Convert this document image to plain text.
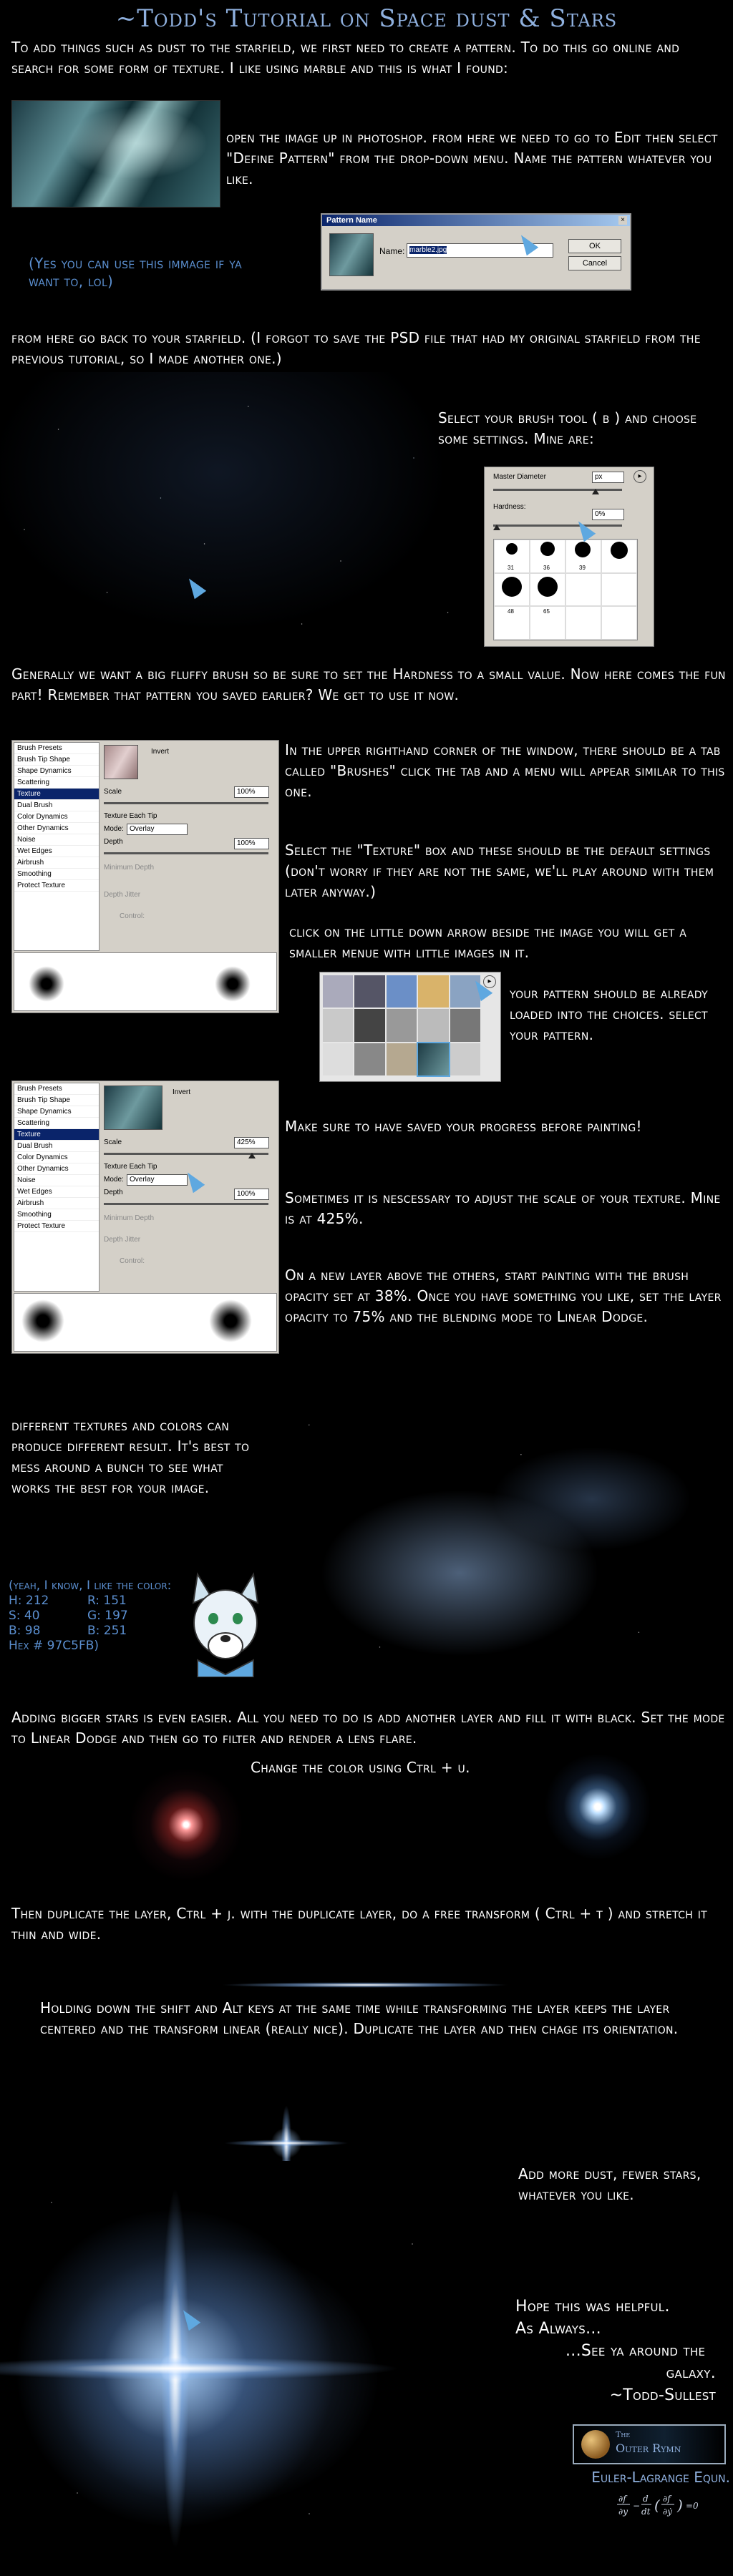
~Todd's Tutorial on Space dust & Stars

To add things such as dust to the starfield, we first need to create a pattern. To do this go online and search for some form of texture. I like using marble and this is what I found:

open the image up in photoshop. from here we need to go to Edit then select "Define Pattern" from the drop-down menu. Name the pattern whatever you like.

(Yes you can use this immage if ya want to, lol)

Pattern Name
Name: marble2.jpg	OK
Cancel
×

from here go back to your starfield. (I forgot to save the PSD file that had my original starfield from the previous tutorial, so I made another one.)

Select your brush tool ( b ) and choose some settings. Mine are:

Master Diameter	px	▸
Hardness:
0%
31	36	39
48	65

Generally we want a big fluffy brush so be sure to set the Hardness to a small value. Now here comes the fun part! Remember that pattern you saved earlier? We get to use it now.

Brush Presets
Brush Tip Shape
Shape Dynamics
Scattering
Texture
Dual Brush
Color Dynamics
Other Dynamics
Noise
Wet Edges
Airbrush
Smoothing
Protect Texture
Invert
Scale	100%
Texture Each Tip
Mode: Overlay
Depth	100%
Minimum Depth
Depth Jitter
Control:

In the upper righthand corner of the window, there should be a tab called "Brushes" click the tab and a menu will appear similar to this one.

Select the "Texture" box and these should be the default settings (don't worry if they are not the same, we'll play around with them later anyway.)

click on the little down arrow beside the image you will get a smaller menue with little images in it.

▸

your pattern should be already loaded into the choices. select your pattern.

Brush Presets
Brush Tip Shape
Shape Dynamics
Scattering
Texture
Dual Brush
Color Dynamics
Other Dynamics
Noise
Wet Edges
Airbrush
Smoothing
Protect Texture
Invert
Scale	425%
Texture Each Tip
Mode: Overlay
Depth	100%
Minimum Depth
Depth Jitter
Control:

Make sure to have saved your progress before painting!

Sometimes it is nescessary to adjust the scale of your texture. Mine is at 425%.

On a new layer above the others, start painting with the brush opacity set at 38%. Once you have something you like, set the layer opacity to 75% and the blending mode to Linear Dodge.

different textures and colors can produce different result. It's best to mess around a bunch to see what works the best for your image.

(yeah, I know, I like the color:
H: 212	R: 151
S: 40	G: 197
B: 98	B: 251
Hex # 97C5FB)

Adding bigger stars is even easier. All you need to do is add another layer and fill it with black. Set the mode to Linear Dodge and then go to filter and render a lens flare.

Change the color using Ctrl + u.

Then duplicate the layer, Ctrl + j. with the duplicate layer, do a free transform ( Ctrl + t ) and stretch it thin and wide.

Holding down the shift and Alt keys at the same time while transforming the layer keeps the layer centered and the transform linear (really nice). Duplicate the layer and then chage its orientation.

Add more dust, fewer stars, whatever you like.

Hope this was helpful.
As Always...
...See ya around the
galaxy.
~Todd-Sullest
The
Outer Rymn
Euler-Lagrange Equn.
∂f
∂y
−
d
dt ( ∂f
∂ẏ ) =0
